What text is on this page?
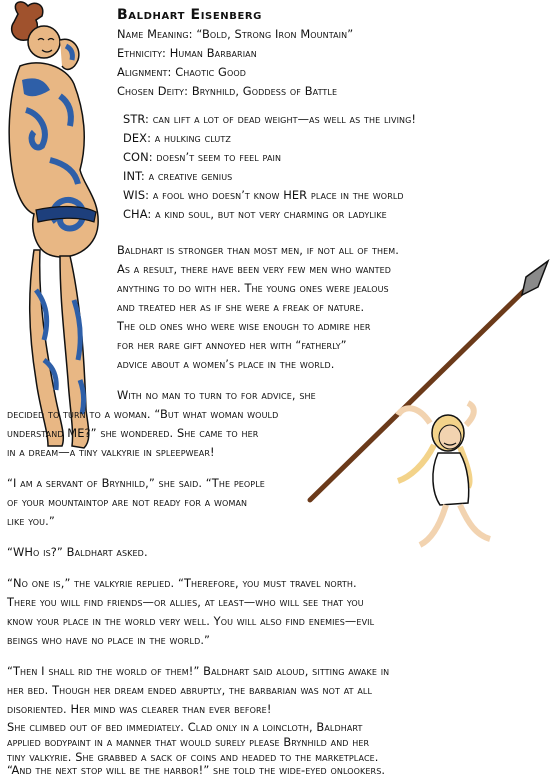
Baldhart Eisenberg
Name Meaning: “Bold, Strong Iron Mountain”
Ethnicity: Human Barbarian
Alignment: Chaotic Good
Chosen Deity: Brynhild, Goddess of Battle
STR: can lift a lot of dead weight—as well as the living!
DEX: a hulking clutz
CON: doesn’t seem to feel pain
INT: a creative genius
WIS: a fool who doesn’t know HER place in the world
CHA: a kind soul, but not very charming or ladylike
Baldhart is stronger than most men, if not all of them.
As a result, there have been very few men who wanted
anything to do with her. The young ones were jealous
and treated her as if she were a freak of nature.
The old ones who were wise enough to admire her
for her rare gift annoyed her with “fatherly”
advice about a women’s place in the world.
With no man to turn to for advice, she
decided to turn to a woman. “But what woman would
understand ME?” she wondered. She came to her
in a dream—a tiny valkyrie in spleepwear!
“I am a servant of Brynhild,” she said. “The people
of your mountaintop are not ready for a woman
like you.”
“WHo is?” Baldhart asked.
“No one is,” the valkyrie replied. “Therefore, you must travel north.
There you will find friends—or allies, at least—who will see that you
know your place in the world very well. You will also find enemies—evil
beings who have no place in the world.”
“Then I shall rid the world of them!” Baldhart said aloud, sitting awake in
her bed. Though her dream ended abruptly, the barbarian was not at all
disoriented. Her mind was clearer than ever before!
She climbed out of bed immediately. Clad only in a loincloth, Baldhart
applied bodypaint in a manner that would surely please Brynhild and her
tiny valkyrie. She grabbed a sack of coins and headed to the marketplace.
“And the next stop will be the harbor!” she told the wide-eyed onlookers.
